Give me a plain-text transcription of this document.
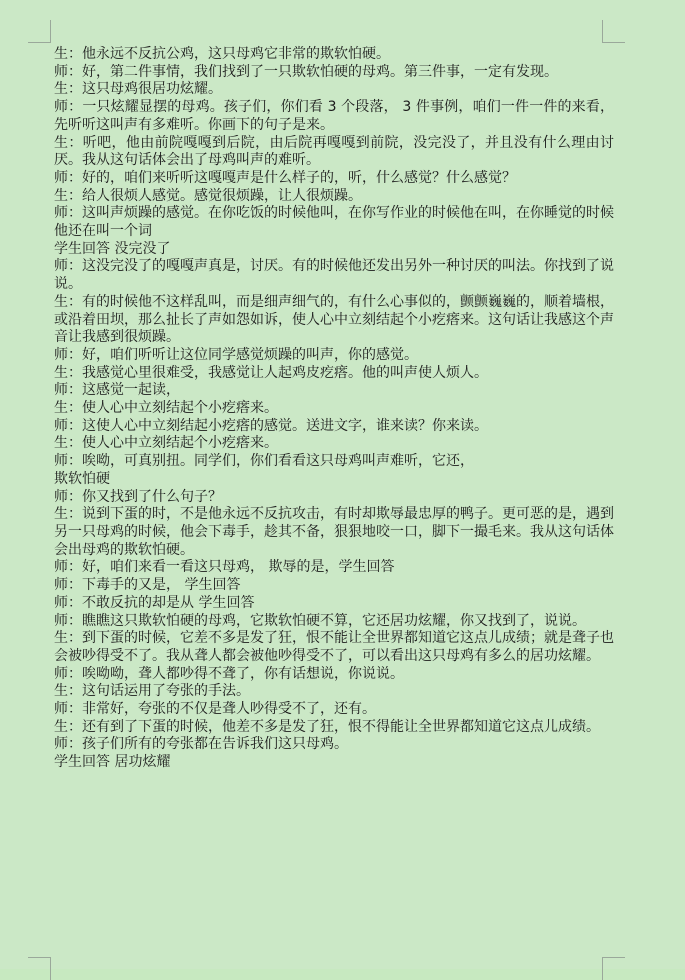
生：他永远不反抗公鸡，这只母鸡它非常的欺软怕硬。

师：好，第二件事情，我们找到了一只欺软怕硬的母鸡。第三件事，一定有发现。

生：这只母鸡很居功炫耀。

师：一只炫耀显摆的母鸡。孩子们，你们看 3 个段落， 3 件事例，咱们一件一件的来看，先听听这叫声有多难听。你画下的句子是来。

生：听吧，他由前院嘎嘎到后院，由后院再嘎嘎到前院，没完没了，并且没有什么理由讨厌。我从这句话体会出了母鸡叫声的难听。

师：好的，咱们来听听这嘎嘎声是什么样子的，听，什么感觉？什么感觉？

生：给人很烦人感觉。感觉很烦躁，让人很烦躁。

师：这叫声烦躁的感觉。在你吃饭的时候他叫，在你写作业的时候他在叫，在你睡觉的时候他还在叫一个词

学生回答 没完没了

师：这没完没了的嘎嘎声真是，讨厌。有的时候他还发出另外一种讨厌的叫法。你找到了说说。

生：有的时候他不这样乱叫，而是细声细气的，有什么心事似的，颤颤巍巍的，顺着墙根，或沿着田坝，那么扯长了声如怨如诉，使人心中立刻结起个小疙瘩来。这句话让我感这个声音让我感到很烦躁。

师：好，咱们听听让这位同学感觉烦躁的叫声，你的感觉。

生：我感觉心里很难受，我感觉让人起鸡皮疙瘩。他的叫声使人烦人。

师：这感觉一起读，

生：使人心中立刻结起个小疙瘩来。

师：这使人心中立刻结起小疙瘩的感觉。送进文字，谁来读？你来读。

生：使人心中立刻结起个小疙瘩来。

师：唉呦，可真别扭。同学们，你们看看这只母鸡叫声难听，它还，

欺软怕硬

师：你又找到了什么句子？

生：说到下蛋的时，不是他永远不反抗攻击，有时却欺辱最忠厚的鸭子。更可恶的是，遇到另一只母鸡的时候，他会下毒手，趁其不备，狠狠地咬一口，脚下一撮毛来。我从这句话体会出母鸡的欺软怕硬。

师：好，咱们来看一看这只母鸡， 欺辱的是，学生回答

师：下毒手的又是， 学生回答

师：不敢反抗的却是从 学生回答

师：瞧瞧这只欺软怕硬的母鸡，它欺软怕硬不算，它还居功炫耀，你又找到了，说说。

生：到下蛋的时候，它差不多是发了狂，恨不能让全世界都知道它这点儿成绩；就是聋子也会被吵得受不了。我从聋人都会被他吵得受不了，可以看出这只母鸡有多么的居功炫耀。

师：唉呦呦，聋人都吵得不聋了，你有话想说，你说说。

生：这句话运用了夸张的手法。

师：非常好，夸张的不仅是聋人吵得受不了，还有。

生：还有到了下蛋的时候，他差不多是发了狂，恨不得能让全世界都知道它这点儿成绩。

师：孩子们所有的夸张都在告诉我们这只母鸡。

学生回答 居功炫耀
